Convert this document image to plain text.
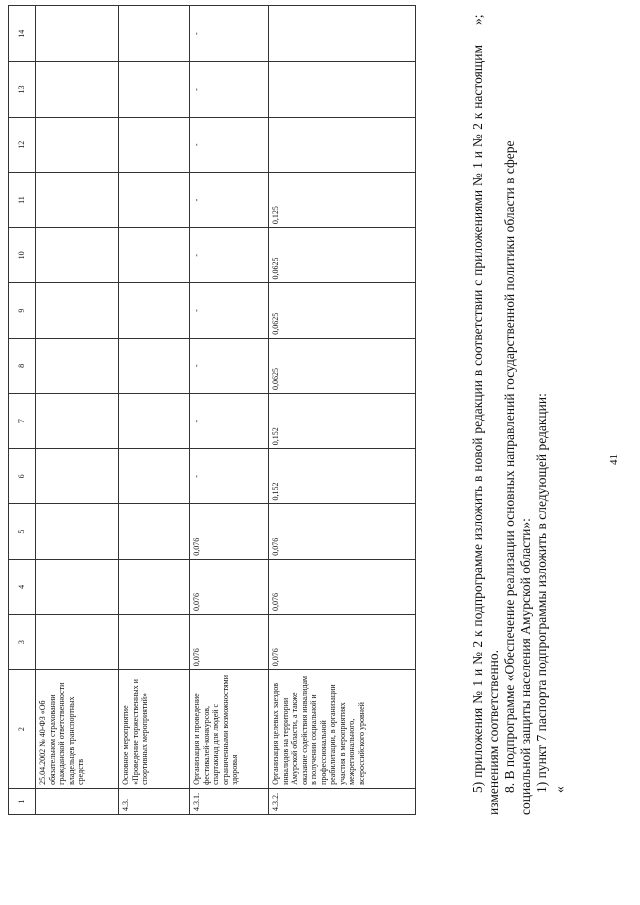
41
1	2	3	4	5	6	7	8	9	10	11	12	13	14
	25.04.2002 № 40-ФЗ «Об обязательном страховании гражданской ответственности владельцев транспортных средств												
4.3.	Основное мероприятие «Проведение торжественных и спортивных мероприятий»												
4.3.1.	Организация и проведение фестивалей-конкурсов, спартакиад для людей с ограниченными возможностями здоровья	0,076	0,076	0,076	-	-	-	-	-	-	-	-	-
4.3.2.	Организация целевых заездов инвалидов на территории Амурской области, а также оказание содействия инвалидам в получении социальной и профессиональной реабилитации, в организации участия в мероприятиях межрегионального, всероссийского уровней	0,076	0,076	0,076	0,152	0,152	0,0625	0,0625	0,0625	0,125			

»;

5) приложения № 1 и № 2 к подпрограмме изложить в новой редакции в соответствии с приложениями № 1 и № 2 к настоящим изменениям соответственно. 8. В подпрограмме «Обеспечение реализации основных направлений государственной политики области в сфере социальной защиты населения Амурской области»: 1) пункт 7 паспорта подпрограммы изложить в следующей редакции: «
